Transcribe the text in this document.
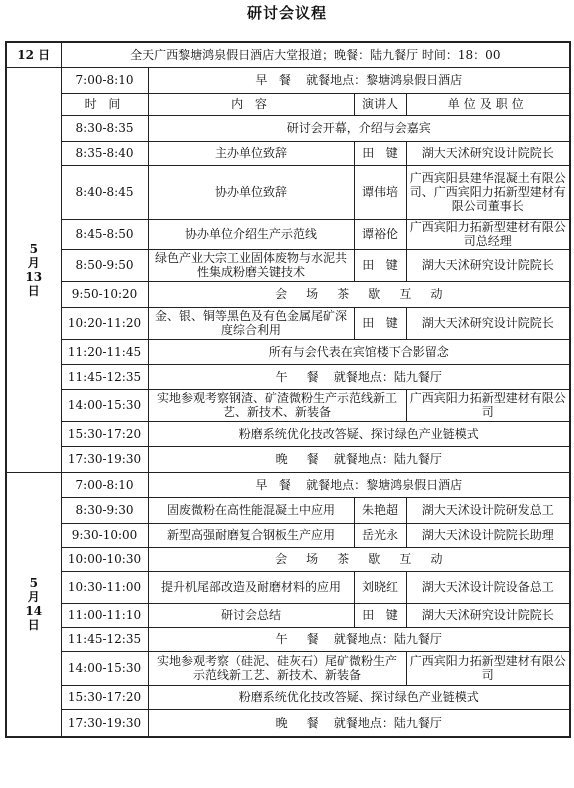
研讨会议程
12 日	全天广西黎塘鸿泉假日酒店大堂报道；晚餐：陆九餐厅 时间：18：00			

5
月
13
日	7:00-8:10	早   餐    就餐地点：黎塘鸿泉假日酒店		
	时 间	内 容	演讲人	单位及职位
	8:30-8:35	研讨会开幕，介绍与会嘉宾		
	8:35-8:40	主办单位致辞	田   键	湖大天沭研究设计院院长
	8:40-8:45	协办单位致辞	谭伟培	广西宾阳县建华混凝土有限公司、广西宾阳力拓新型建材有限公司董事长
	8:45-8:50	协办单位介绍生产示范线	谭裕伦	广西宾阳力拓新型建材有限公司总经理
	8:50-9:50	绿色产业大宗工业固体废物与水泥共性集成粉磨关键技术	田   键	湖大天沭研究设计院院长
	9:50-10:20	会     场     茶     歇     互     动		
	10:20-11:20	金、银、铜等黑色及有色金属尾矿深度综合利用	田   键	湖大天沭研究设计院院长
	11:20-11:45	所有与会代表在宾馆楼下合影留念		
	11:45-12:35	午     餐    就餐地点：陆九餐厅		
	14:00-15:30	实地参观考察钢渣、矿渣微粉生产示范线新工艺、新技术、新装备		广西宾阳力拓新型建材有限公司
	15:30-17:20	粉磨系统优化技改答疑、探讨绿色产业链模式		
	17:30-19:30	晚     餐    就餐地点：陆九餐厅		

5
月
14
日	7:00-8:10	早   餐    就餐地点：黎塘鸿泉假日酒店		
	8:30-9:30	固废微粉在高性能混凝土中应用	朱艳超	湖大天沭设计院研发总工
	9:30-10:00	新型高强耐磨复合钢板生产应用	岳光永	湖大天沭设计院院长助理
	10:00-10:30	会     场     茶     歇     互     动		
	10:30-11:00	提升机尾部改造及耐磨材料的应用	刘晓红	湖大天沭设计院设备总工
	11:00-11:10	研讨会总结	田   键	湖大天沭研究设计院院长
	11:45-12:35	午     餐    就餐地点：陆九餐厅		
	14:00-15:30	实地参观考察（硅泥、硅灰石）尾矿微粉生产示范线新工艺、新技术、新装备		广西宾阳力拓新型建材有限公司
	15:30-17:20	粉磨系统优化技改答疑、探讨绿色产业链模式		
	17:30-19:30	晚     餐    就餐地点：陆九餐厅		
